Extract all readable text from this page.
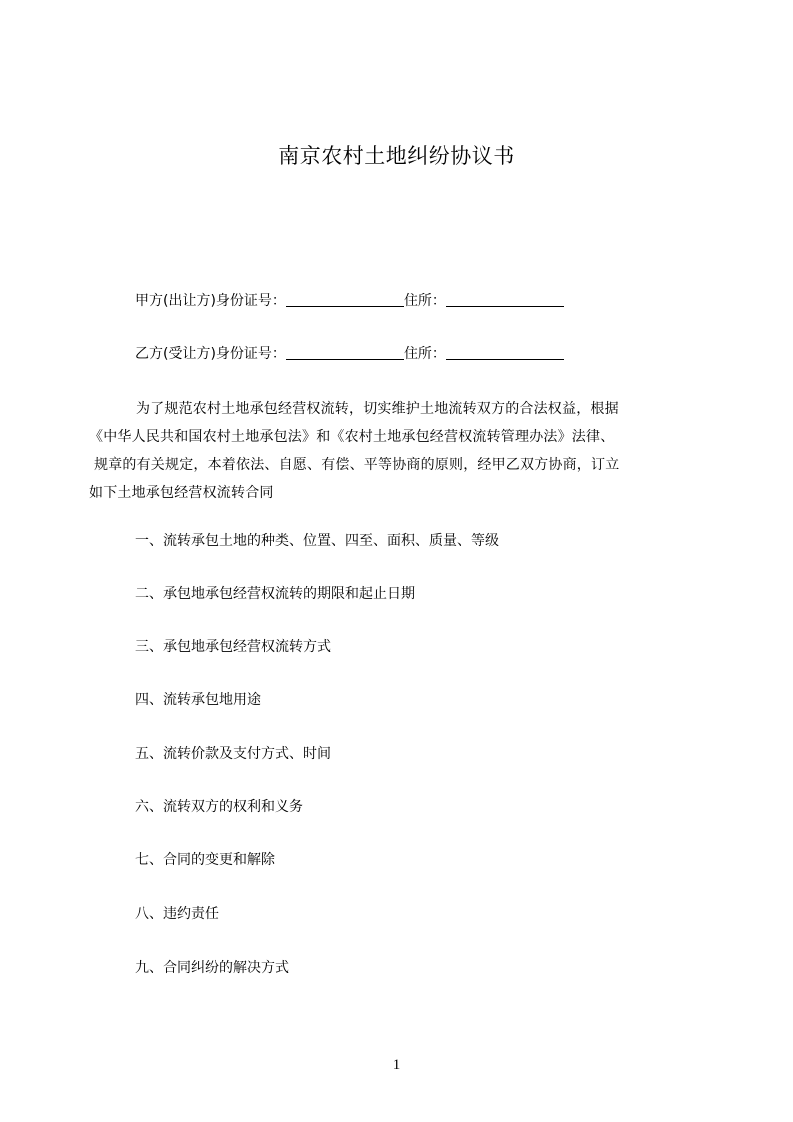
南京农村土地纠纷协议书
甲方(出让方)身份证号：	住所：
乙方(受让方)身份证号：	住所：
为了规范农村土地承包经营权流转，切实维护土地流转双方的合法权益，根据
《中华人民共和国农村土地承包法》和《农村土地承包经营权流转管理办法》法律、
规章的有关规定，本着依法、自愿、有偿、平等协商的原则，经甲乙双方协商，订立
如下土地承包经营权流转合同
一、流转承包土地的种类、位置、四至、面积、质量、等级
二、承包地承包经营权流转的期限和起止日期
三、承包地承包经营权流转方式
四、流转承包地用途
五、流转价款及支付方式、时间
六、流转双方的权利和义务
七、合同的变更和解除
八、违约责任
九、合同纠纷的解决方式
1
